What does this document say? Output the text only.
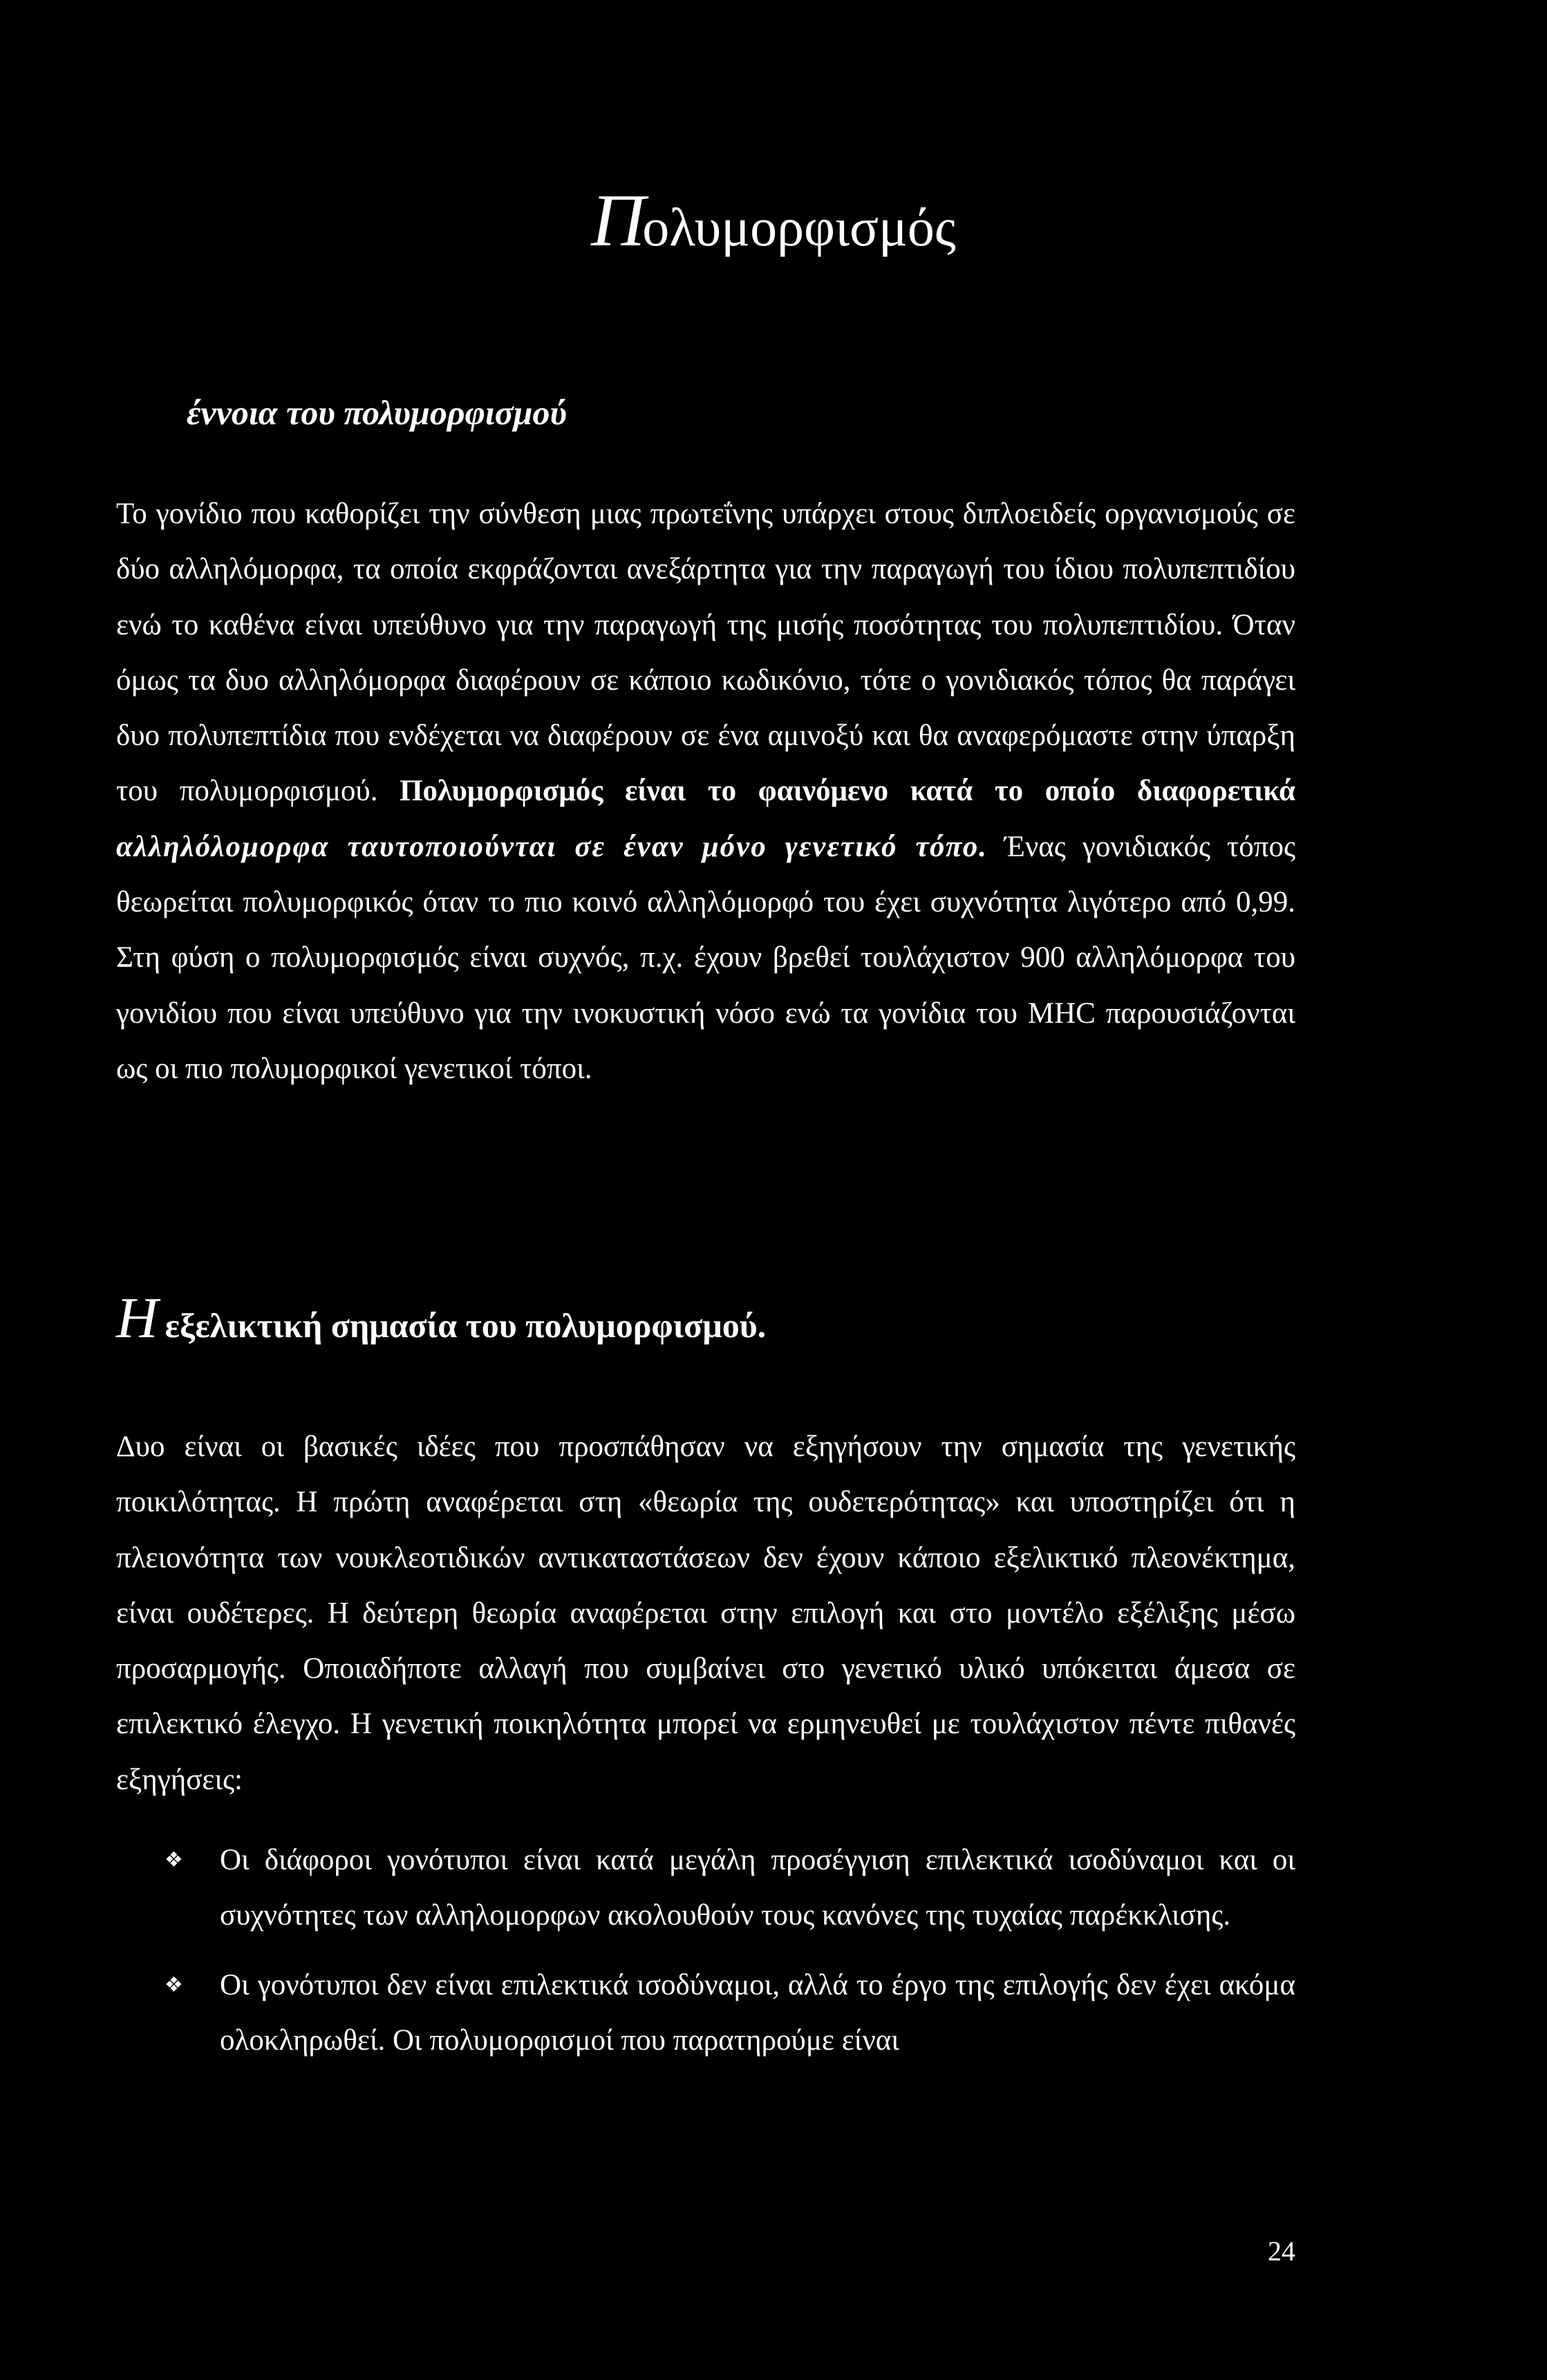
Πολυμορφισμός
έννοια του πολυμορφισμού

Το γονίδιο που καθορίζει την σύνθεση μιας πρωτεΐνης υπάρχει στους διπλοειδείς οργανισμούς σε δύο αλληλόμορφα, τα οποία εκφράζονται ανεξάρτητα για την παραγωγή του ίδιου πολυπεπτιδίου ενώ το καθένα είναι υπεύθυνο για την παραγωγή της μισής ποσότητας του πολυπεπτιδίου. Όταν όμως τα δυο αλληλόμορφα διαφέρουν σε κάποιο κωδικόνιο, τότε ο γονιδιακός τόπος θα παράγει δυο πολυπεπτίδια που ενδέχεται να διαφέρουν σε ένα αμινοξύ και θα αναφερόμαστε στην ύπαρξη του πολυμορφισμού. Πολυμορφισμός είναι το φαινόμενο κατά το οποίο διαφορετικά αλληλόλομορφα ταυτοποιούνται σε έναν μόνο γενετικό τόπο. Ένας γονιδιακός τόπος θεωρείται πολυμορφικός όταν το πιο κοινό αλληλόμορφό του έχει συχνότητα λιγότερο από 0,99. Στη φύση ο πολυμορφισμός είναι συχνός, π.χ. έχουν βρεθεί τουλάχιστον 900 αλληλόμορφα του γονιδίου που είναι υπεύθυνο για την ινοκυστική νόσο ενώ τα γονίδια του MHC παρουσιάζονται ως οι πιο πολυμορφικοί γενετικοί τόποι.

Ηεξελικτική σημασία του πολυμορφισμού.

Δυο είναι οι βασικές ιδέες που προσπάθησαν να εξηγήσουν την σημασία της γενετικής ποικιλότητας. Η πρώτη αναφέρεται στη «θεωρία της ουδετερότητας» και υποστηρίζει ότι η πλειονότητα των νουκλεοτιδικών αντικαταστάσεων δεν έχουν κάποιο εξελικτικό πλεονέκτημα, είναι ουδέτερες. Η δεύτερη θεωρία αναφέρεται στην επιλογή και στο μοντέλο εξέλιξης μέσω προσαρμογής. Οποιαδήποτε αλλαγή που συμβαίνει στο γενετικό υλικό υπόκειται άμεσα σε επιλεκτικό έλεγχο. Η γενετική ποικηλότητα μπορεί να ερμηνευθεί με τουλάχιστον πέντε πιθανές εξηγήσεις:

❖ Οι διάφοροι γονότυποι είναι κατά μεγάλη προσέγγιση επιλεκτικά ισοδύναμοι και οι συχνότητες των αλληλομορφων ακολουθούν τους κανόνες της τυχαίας παρέκκλισης.
❖ Οι γονότυποι δεν είναι επιλεκτικά ισοδύναμοι, αλλά το έργο της επιλογής δεν έχει ακόμα ολοκληρωθεί. Οι πολυμορφισμοί που παρατηρούμε είναι
24
